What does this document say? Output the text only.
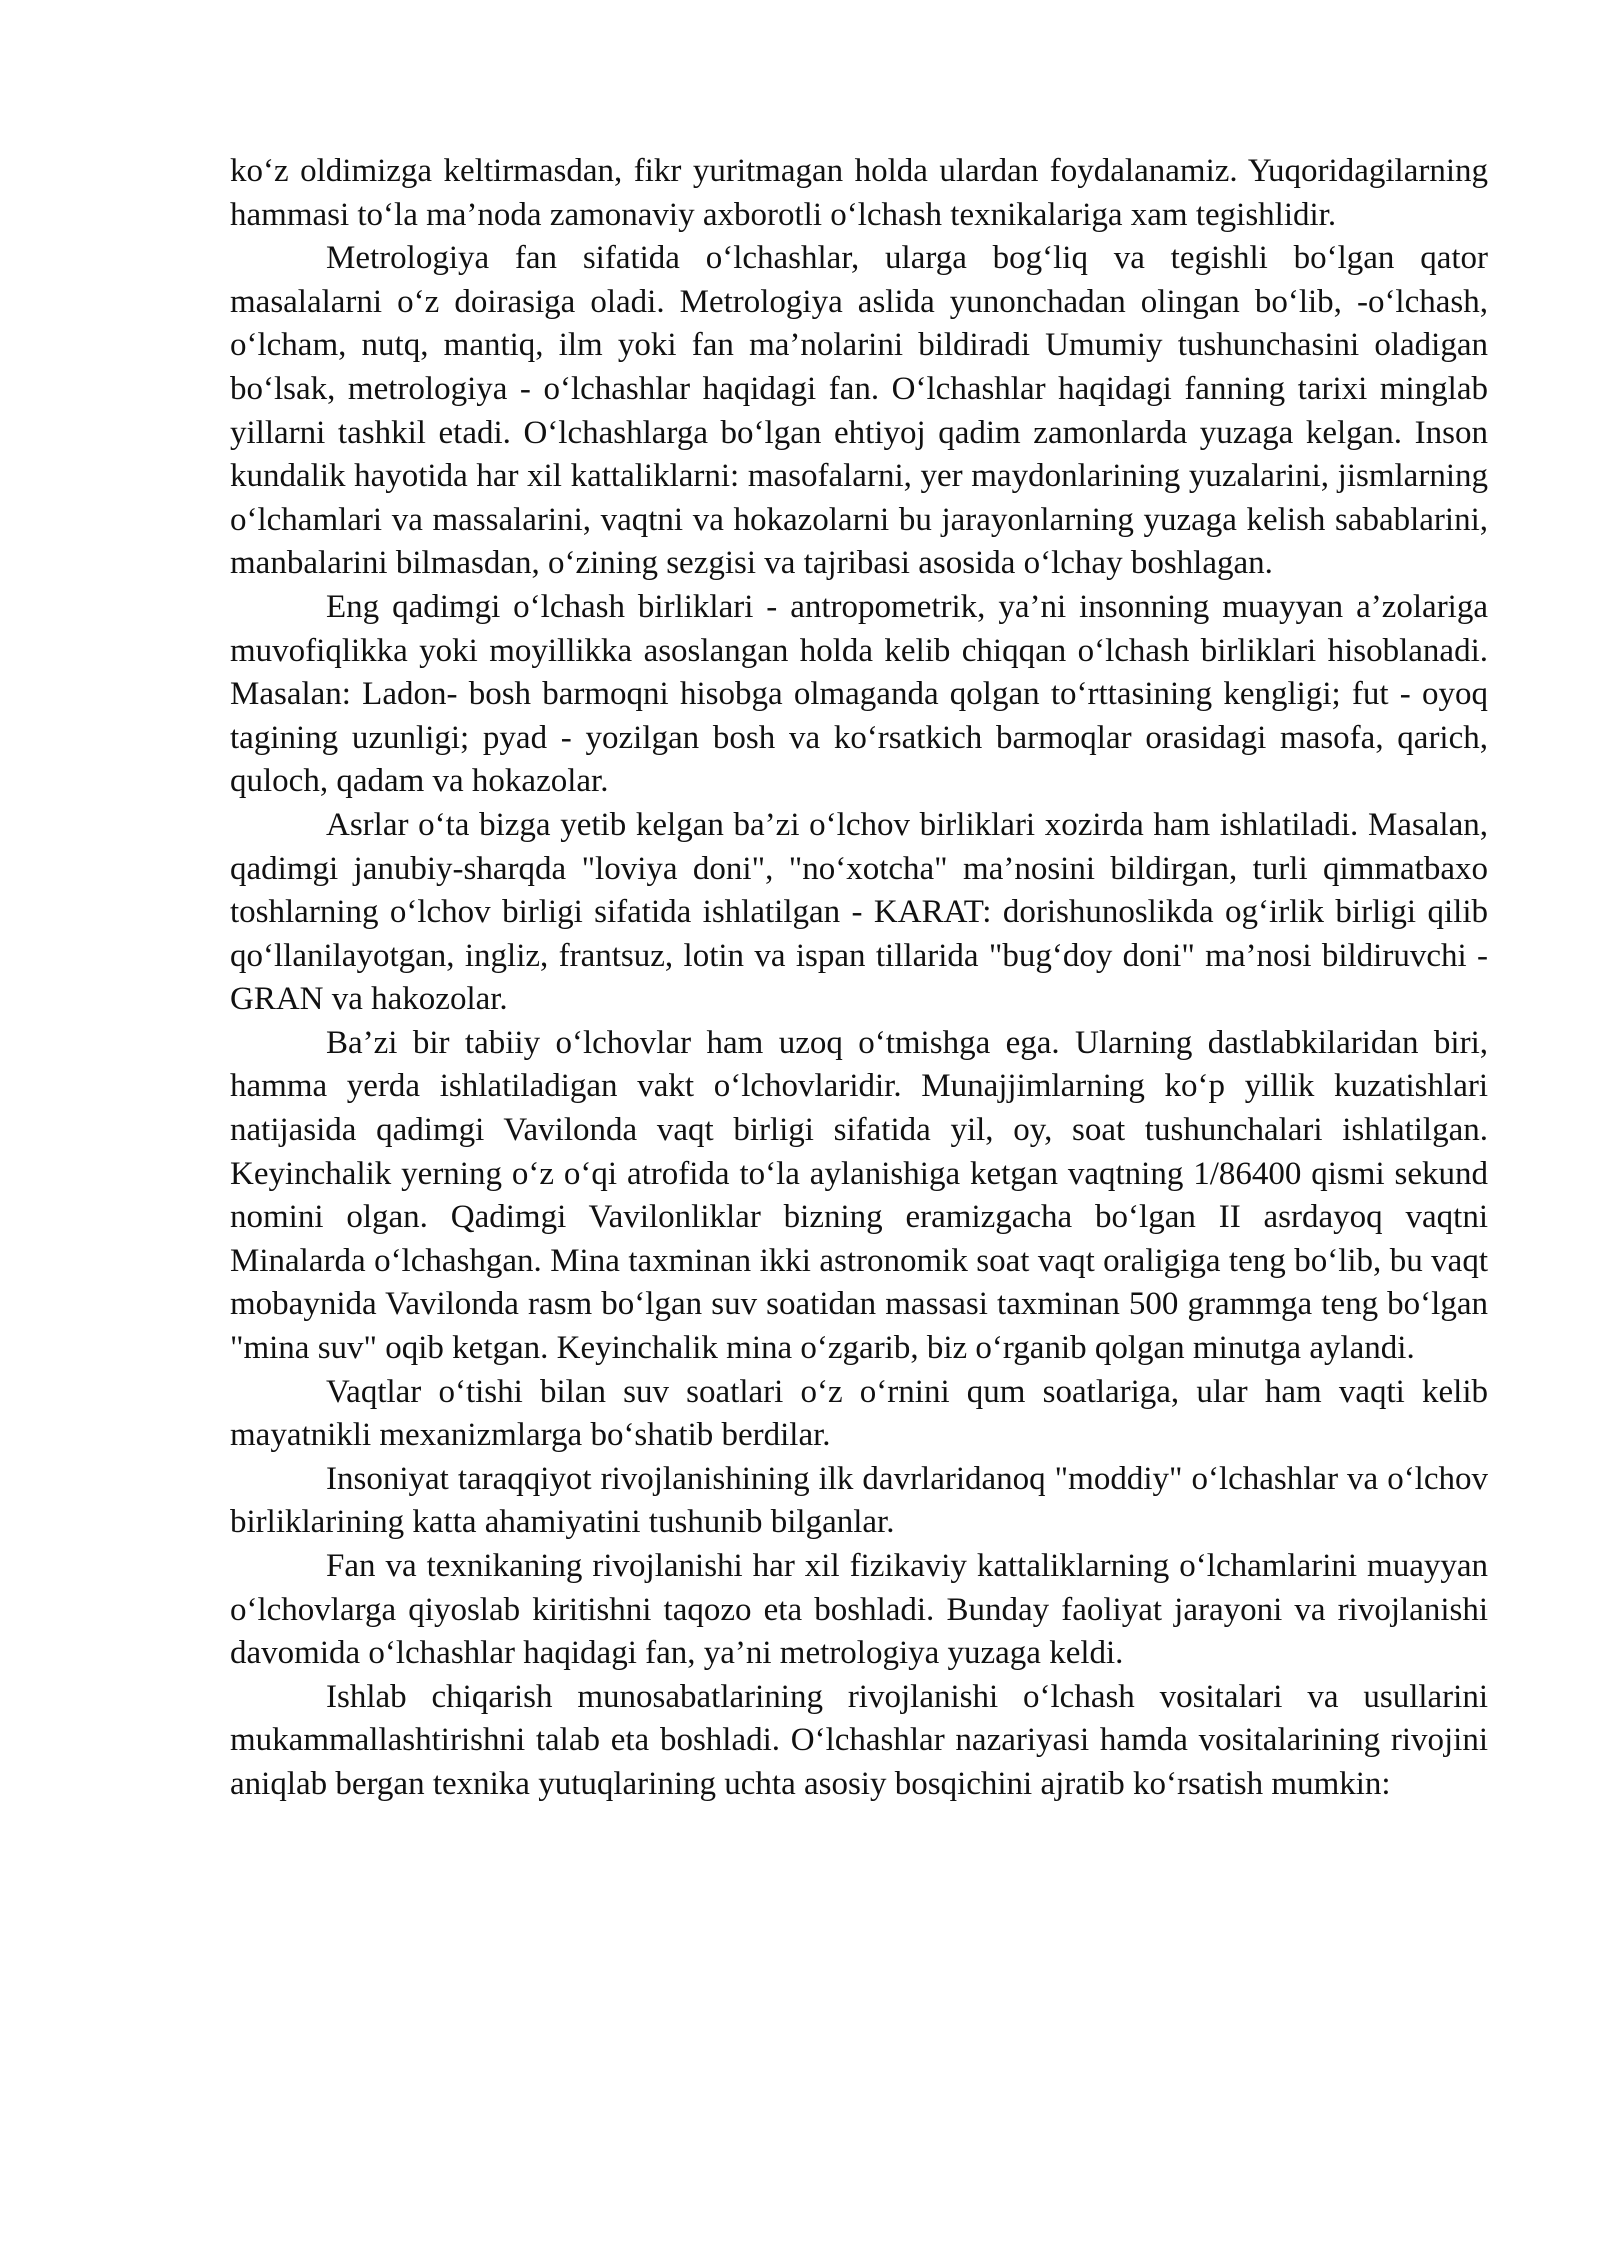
ko‘z oldimizga keltirmasdan, fikr yuritmagan holda ulardan foydalanamiz. Yuqoridagilarning hammasi to‘la ma’noda zamonaviy axborotli o‘lchash texnikalariga xam tegishlidir.

Metrologiya fan sifatida o‘lchashlar, ularga bog‘liq va tegishli bo‘lgan qator masalalarni o‘z doirasiga oladi. Metrologiya aslida yunonchadan olingan bo‘lib, -o‘lchash, o‘lcham, nutq, mantiq, ilm yoki fan ma’nolarini bildiradi Umumiy tushunchasini oladigan bo‘lsak, metrologiya - o‘lchashlar haqidagi fan. O‘lchashlar haqidagi fanning tarixi minglab yillarni tashkil etadi. O‘lchashlarga bo‘lgan ehtiyoj qadim zamonlarda yuzaga kelgan. Inson kundalik hayotida har xil kattaliklarni: masofalarni, yer maydonlarining yuzalarini, jismlarning o‘lchamlari va massalarini, vaqtni va hokazolarni bu jarayonlarning yuzaga kelish sabablarini, manbalarini bilmasdan, o‘zining sezgisi va tajribasi asosida o‘lchay boshlagan.

Eng qadimgi o‘lchash birliklari - antropometrik, ya’ni insonning muayyan a’zolariga muvofiqlikka yoki moyillikka asoslangan holda kelib chiqqan o‘lchash birliklari hisoblanadi. Masalan: Ladon- bosh barmoqni hisobga olmaganda qolgan to‘rttasining kengligi; fut - oyoq tagining uzunligi; pyad - yozilgan bosh va ko‘rsatkich barmoqlar orasidagi masofa, qarich, quloch, qadam va hokazolar.

Asrlar o‘ta bizga yetib kelgan ba’zi o‘lchov birliklari xozirda ham ishlatiladi. Masalan, qadimgi janubiy-sharqda "loviya doni", "no‘xotcha" ma’nosini bildirgan, turli qimmatbaxo toshlarning o‘lchov birligi sifatida ishlatilgan - KARAT: dorishunoslikda og‘irlik birligi qilib qo‘llanilayotgan, ingliz, frantsuz, lotin va ispan tillarida "bug‘doy doni" ma’nosi bildiruvchi - GRAN va hakozolar.

Ba’zi bir tabiiy o‘lchovlar ham uzoq o‘tmishga ega. Ularning dastlabkilaridan biri, hamma yerda ishlatiladigan vakt o‘lchovlaridir. Munajjimlarning ko‘p yillik kuzatishlari natijasida qadimgi Vavilonda vaqt birligi sifatida yil, oy, soat tushunchalari ishlatilgan. Keyinchalik yerning o‘z o‘qi atrofida to‘la aylanishiga ketgan vaqtning 1/86400 qismi sekund nomini olgan. Qadimgi Vavilonliklar bizning eramizgacha bo‘lgan II asrdayoq vaqtni Minalarda o‘lchashgan. Mina taxminan ikki astronomik soat vaqt oraligiga teng bo‘lib, bu vaqt mobaynida Vavilonda rasm bo‘lgan suv soatidan massasi taxminan 500 grammga teng bo‘lgan "mina suv" oqib ketgan. Keyinchalik mina o‘zgarib, biz o‘rganib qolgan minutga aylandi.

Vaqtlar o‘tishi bilan suv soatlari o‘z o‘rnini qum soatlariga, ular ham vaqti kelib mayatnikli mexanizmlarga bo‘shatib berdilar.

Insoniyat taraqqiyot rivojlanishining ilk davrlaridanoq "moddiy" o‘lchashlar va o‘lchov birliklarining katta ahamiyatini tushunib bilganlar.

Fan va texnikaning rivojlanishi har xil fizikaviy kattaliklarning o‘lchamlarini muayyan o‘lchovlarga qiyoslab kiritishni taqozo eta boshladi. Bunday faoliyat jarayoni va rivojlanishi davomida o‘lchashlar haqidagi fan, ya’ni metrologiya yuzaga keldi.

Ishlab chiqarish munosabatlarining rivojlanishi o‘lchash vositalari va usullarini mukammallashtirishni talab eta boshladi. O‘lchashlar nazariyasi hamda vositalarining rivojini aniqlab bergan texnika yutuqlarining uchta asosiy bosqichini ajratib ko‘rsatish mumkin:
